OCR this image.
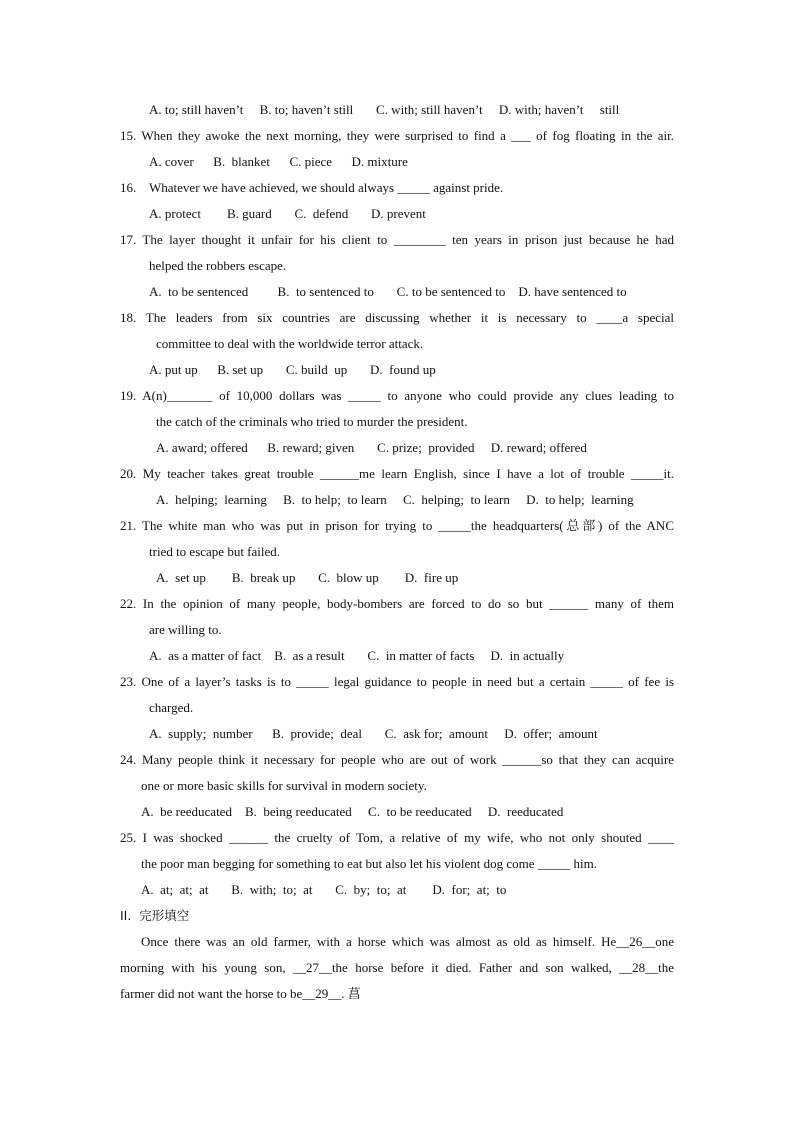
A. to; still haven’t     B. to; haven’t still       C. with; still haven’t     D. with; haven’t     still
15. When they awoke the next morning, they were surprised to find a ___ of fog floating in the air.
A. cover      B.  blanket      C. piece      D. mixture
16.    Whatever we have achieved, we should always _____ against pride.
A. protect        B. guard       C.  defend       D. prevent
17. The layer thought it unfair for his client to ________ ten years in prison just because he had
helped the robbers escape.
A.  to be sentenced         B.  to sentenced to       C. to be sentenced to    D. have sentenced to
18. The leaders from six countries are discussing whether it is necessary to ____a special
committee to deal with the worldwide terror attack.
A. put up      B. set up       C. build  up       D.  found up
19. A(n)_______ of 10,000 dollars was _____ to anyone who could provide any clues leading to
the catch of the criminals who tried to murder the president.
A. award; offered      B. reward; given       C. prize;  provided     D. reward; offered
20. My teacher takes great trouble ______me learn English, since I have a lot of trouble _____it.
A.  helping;  learning     B.  to help;  to learn     C.  helping;  to learn     D.  to help;  learning
21. The white man who was put in prison for trying to _____the headquarters(总部) of the ANC
tried to escape but failed.
A.  set up        B.  break up       C.  blow up        D.  fire up
22. In the opinion of many people, body-bombers are forced to do so but ______ many of them
are willing to.
A.  as a matter of fact    B.  as a result       C.  in matter of facts     D.  in actually
23. One of a layer’s tasks is to _____ legal guidance to people in need but a certain _____ of fee is
charged.
A.  supply;  number      B.  provide;  deal       C.  ask for;  amount     D.  offer;  amount
24. Many people think it necessary for people who are out of work ______so that they can acquire
one or more basic skills for survival in modern society.
A.  be reeducated    B.  being reeducated     C.  to be reeducated     D.  reeducated
25. I was shocked ______ the cruelty of Tom, a relative of my wife, who not only shouted ____
the poor man begging for something to eat but also let his violent dog come _____ him.
A.  at;  at;  at       B.  with;  to;  at       C.  by;  to;  at        D.  for;  at;  to
II.  完形填空
Once there was an old farmer, with a horse which was almost as old as himself. He__26__one
morning with his young son, __27__the horse before it died. Father and son walked, __28__the
farmer did not want the horse to be__29__. 菖
